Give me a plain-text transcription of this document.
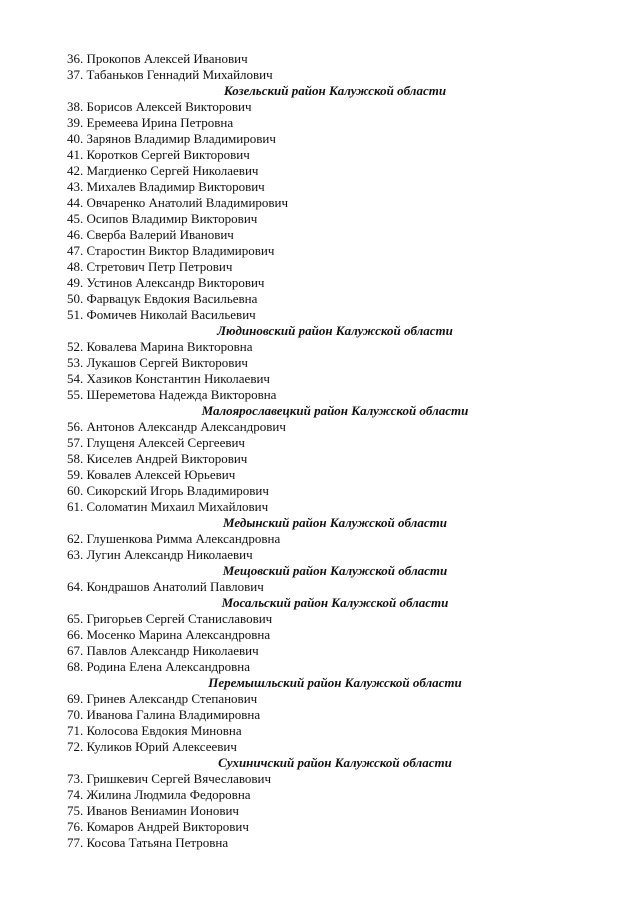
36. Прокопов Алексей Иванович
37. Табаньков Геннадий Михайлович
Козельский район Калужской области
38. Борисов Алексей Викторович
39. Еремеева Ирина Петровна
40. Зарянов Владимир Владимирович
41. Коротков Сергей Викторович
42. Магдиенко Сергей Николаевич
43. Михалев Владимир Викторович
44. Овчаренко Анатолий Владимирович
45. Осипов Владимир Викторович
46. Сверба Валерий Иванович
47. Старостин Виктор Владимирович
48. Стретович Петр Петрович
49. Устинов Александр Викторович
50. Фарвацук Евдокия Васильевна
51. Фомичев Николай Васильевич
Людиновский район Калужской области
52. Ковалева Марина Викторовна
53. Лукашов Сергей Викторович
54. Хазиков Константин Николаевич
55. Шереметова Надежда Викторовна
Малоярославецкий район Калужской области
56. Антонов Александр Александрович
57. Глущеня Алексей Сергеевич
58. Киселев Андрей Викторович
59. Ковалев Алексей Юрьевич
60. Сикорский Игорь Владимирович
61. Соломатин Михаил Михайлович
Медынский район Калужской области
62. Глушенкова Римма Александровна
63. Лугин Александр Николаевич
Мещовский район Калужской области
64. Кондрашов Анатолий Павлович
Мосальский район Калужской области
65. Григорьев Сергей Станиславович
66. Мосенко Марина Александровна
67. Павлов Александр Николаевич
68. Родина Елена Александровна
Перемышльский район Калужской области
69. Гринев Александр Степанович
70. Иванова Галина Владимировна
71. Колосова Евдокия Миновна
72. Куликов Юрий Алексеевич
Сухиничский район Калужской области
73. Гришкевич Сергей Вячеславович
74. Жилина Людмила Федоровна
75. Иванов Вениамин Ионович
76. Комаров Андрей Викторович
77. Косова Татьяна Петровна
